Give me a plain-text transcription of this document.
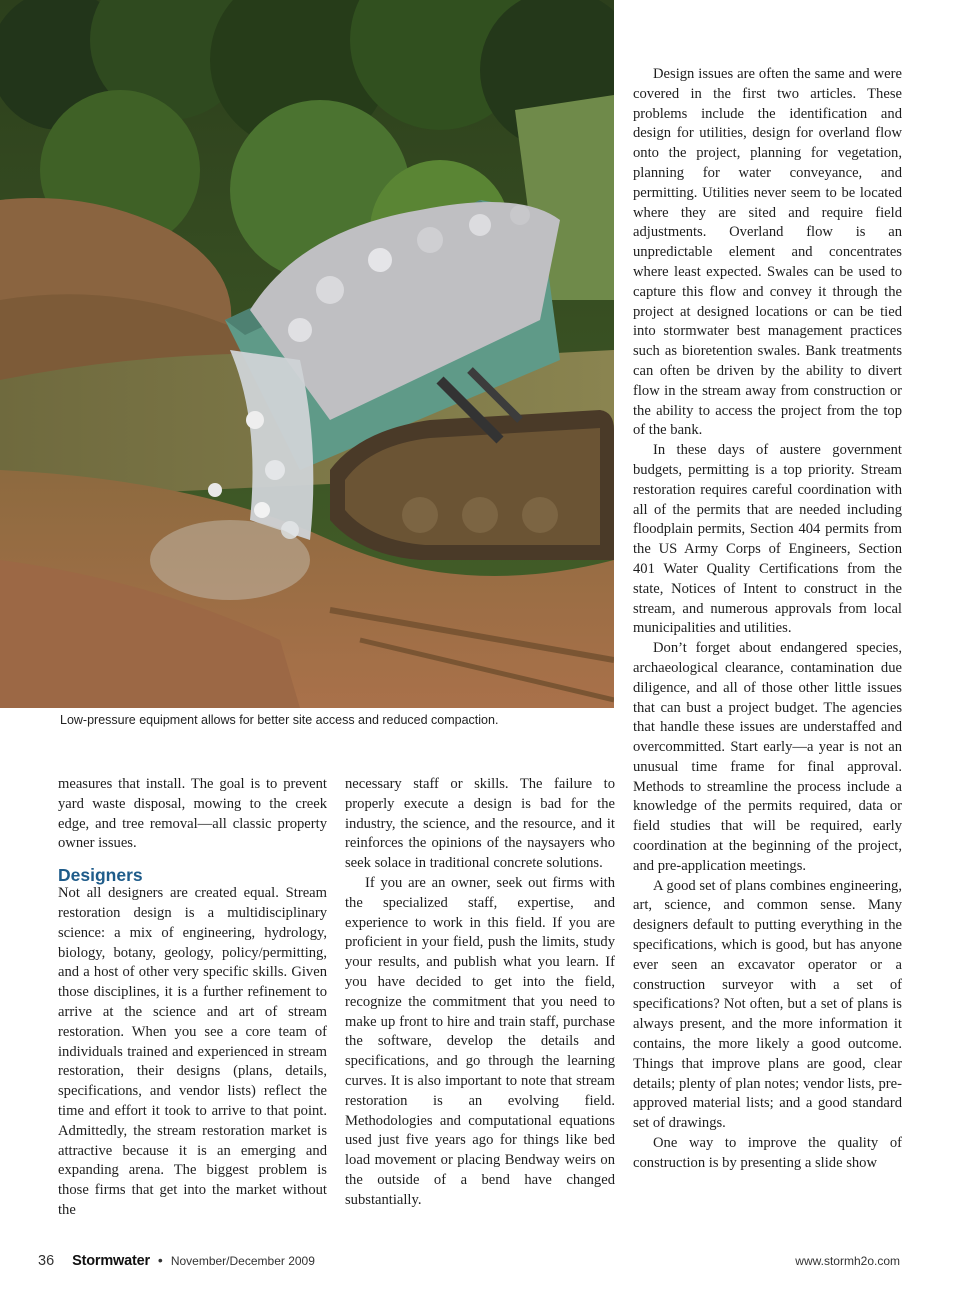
Low-pressure equipment allows for better site access and reduced compaction.

measures that install. The goal is to prevent yard waste disposal, mowing to the creek edge, and tree removal—all classic property owner issues.

Designers

Not all designers are created equal. Stream restoration design is a multidisciplinary science: a mix of engineering, hydrology, biology, botany, geology, policy/permitting, and a host of other very specific skills. Given those disciplines, it is a further refinement to arrive at the science and art of stream restoration. When you see a core team of individuals trained and experienced in stream restoration, their designs (plans, details, specifications, and vendor lists) reflect the time and effort it took to arrive to that point. Admittedly, the stream restoration market is attractive because it is an emerging and expanding arena. The biggest problem is those firms that get into the market without the

necessary staff or skills. The failure to properly execute a design is bad for the industry, the science, and the resource, and it reinforces the opinions of the naysayers who seek solace in traditional concrete solutions.

If you are an owner, seek out firms with the specialized staff, expertise, and experience to work in this field. If you are proficient in your field, push the limits, study your results, and publish what you learn. If you have decided to get into the field, recognize the commitment that you need to make up front to hire and train staff, purchase the software, develop the details and specifications, and go through the learning curves. It is also important to note that stream restoration is an evolving field. Methodologies and computational equations used just five years ago for things like bed load movement or placing Bendway weirs on the outside of a bend have changed substantially.

Design issues are often the same and were covered in the first two articles. These problems include the identification and design for utilities, design for overland flow onto the project, planning for vegetation, planning for water conveyance, and permitting. Utilities never seem to be located where they are sited and require field adjustments. Overland flow is an unpredictable element and concentrates where least expected. Swales can be used to capture this flow and convey it through the project at designed locations or can be tied into stormwater best management practices such as bioretention swales. Bank treatments can often be driven by the ability to divert flow in the stream away from construction or the ability to access the project from the top of the bank.

In these days of austere government budgets, permitting is a top priority. Stream restoration requires careful coordination with all of the permits that are needed including floodplain permits, Section 404 permits from the US Army Corps of Engineers, Section 401 Water Quality Certifications from the state, Notices of Intent to construct in the stream, and numerous approvals from local municipalities and utilities.

Don’t forget about endangered species, archaeological clearance, contamination due diligence, and all of those other little issues that can bust a project budget. The agencies that handle these issues are understaffed and overcommitted. Start early—a year is not an unusual time frame for final approval. Methods to streamline the process include a knowledge of the permits required, data or field studies that will be required, early coordination at the beginning of the project, and pre-application meetings.

A good set of plans combines engineering, art, science, and common sense. Many designers default to putting everything in the specifications, which is good, but has anyone ever seen an excavator operator or a construction surveyor with a set of specifications? Not often, but a set of plans is always present, and the more information it contains, the more likely a good outcome. Things that improve plans are good, clear details; plenty of plan notes; vendor lists, pre-approved material lists; and a good standard set of drawings.

One way to improve the quality of construction is by presenting a slide show

36 Stormwater • November/December 2009	www.stormh2o.com
